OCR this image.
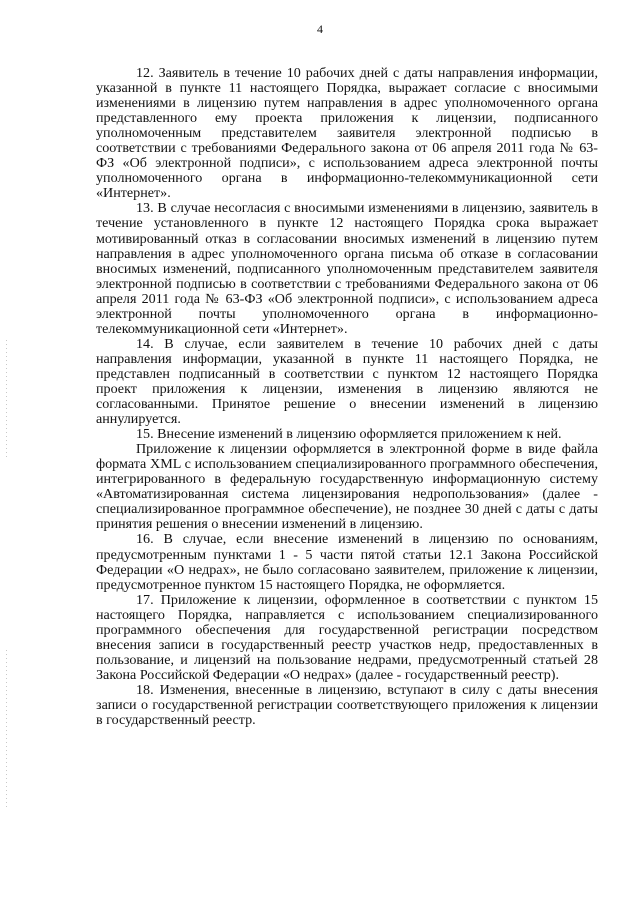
4

12. Заявитель в течение 10 рабочих дней с даты направления информации, указанной в пункте 11 настоящего Порядка, выражает согласие с вносимыми изменениями в лицензию путем направления в адрес уполномоченного органа представленного ему проекта приложения к лицензии, подписанного уполномоченным представителем заявителя электронной подписью в соответствии с требованиями Федерального закона от 06 апреля 2011 года № 63-ФЗ «Об электронной подписи», с использованием адреса электронной почты уполномоченного органа в информационно-телекоммуникационной сети «Интернет».

13. В случае несогласия с вносимыми изменениями в лицензию, заявитель в течение установленного в пункте 12 настоящего Порядка срока выражает мотивированный отказ в согласовании вносимых изменений в лицензию путем направления в адрес уполномоченного органа письма об отказе в согласовании вносимых изменений, подписанного уполномоченным представителем заявителя электронной подписью в соответствии с требованиями Федерального закона от 06 апреля 2011 года № 63-ФЗ «Об электронной подписи», с использованием адреса электронной почты уполномоченного органа в информационно-телекоммуникационной сети «Интернет».

14. В случае, если заявителем в течение 10 рабочих дней с даты направления информации, указанной в пункте 11 настоящего Порядка, не представлен подписанный в соответствии с пунктом 12 настоящего Порядка проект приложения к лицензии, изменения в лицензию являются не согласованными. Принятое решение о внесении изменений в лицензию аннулируется.

15. Внесение изменений в лицензию оформляется приложением к ней.

Приложение к лицензии оформляется в электронной форме в виде файла формата XML с использованием специализированного программного обеспечения, интегрированного в федеральную государственную информационную систему «Автоматизированная система лицензирования недропользования» (далее - специализированное программное обеспечение), не позднее 30 дней с даты с даты принятия решения о внесении изменений в лицензию.

16. В случае, если внесение изменений в лицензию по основаниям, предусмотренным пунктами 1 - 5 части пятой статьи 12.1 Закона Российской Федерации «О недрах», не было согласовано заявителем, приложение к лицензии, предусмотренное пунктом 15 настоящего Порядка, не оформляется.

17. Приложение к лицензии, оформленное в соответствии с пунктом 15 настоящего Порядка, направляется с использованием специализированного программного обеспечения для государственной регистрации посредством внесения записи в государственный реестр участков недр, предоставленных в пользование, и лицензий на пользование недрами, предусмотренный статьей 28 Закона Российской Федерации «О недрах» (далее - государственный реестр).

18. Изменения, внесенные в лицензию, вступают в силу с даты внесения записи о государственной регистрации соответствующего приложения к лицензии в государственный реестр.
